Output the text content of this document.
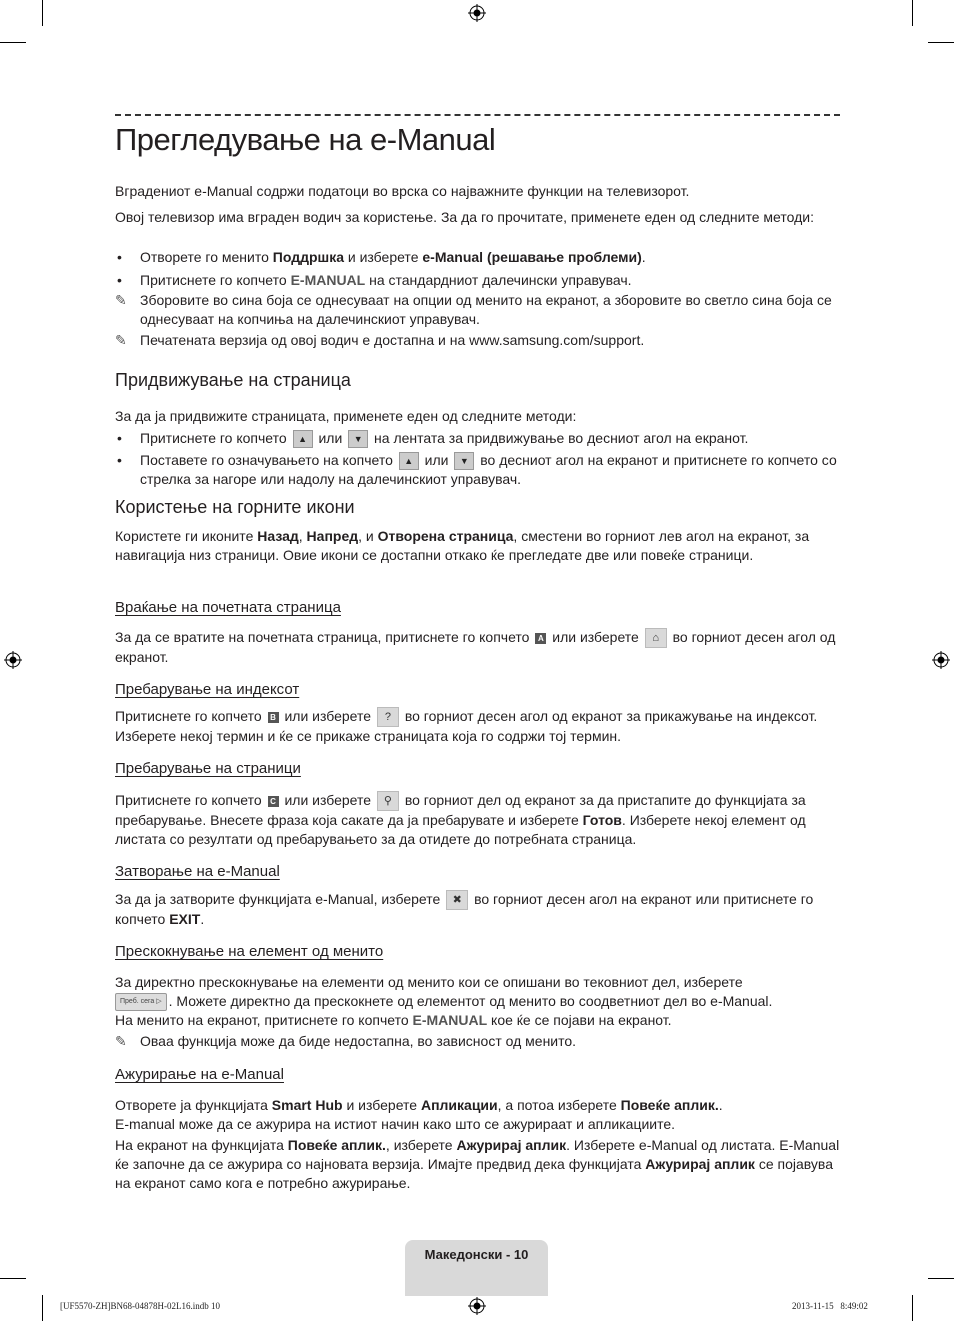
Прегледување на e-Manual
Вградениот e-Manual содржи податоци во врска со најважните функции на телевизорот.
Овој телевизор има вграден водич за користење. За да го прочитате, применете еден од следните методи:
• Отворете го менито Поддршка и изберете e-Manual (решавање проблеми).
• Притиснете го копчето E-MANUAL на стандардниот далечински управувач.
✎ Зборовите во сина боја се однесуваат на опции од менито на екранот, а зборовите во светло сина боја се однесуваат на копчиња на далечинскиот управувач.
✎ Печатената верзија од овој водич е достапна и на www.samsung.com/support.
Придвижување на страница
За да ја придвижите страницата, применете еден од следните методи:
• Притиснете го копчето ▲ или ▼ на лентата за придвижување во десниот агол на екранот.
• Поставете го означувањето на копчето ▲ или ▼ во десниот агол на екранот и притиснете го копчето со стрелка за нагоре или надолу на далечинскиот управувач.
Користење на горните икони
Користете ги иконите Назад, Напред, и Отворена страница, сместени во горниот лев агол на екранот, за навигација низ страници. Овие икони се достапни откако ќе прегледате две или повеќе страници.
Враќање на почетната страница
За да се вратите на почетната страница, притиснете го копчето A или изберете ⌂ во горниот десен агол од екранот.
Пребарување на индексот
Притиснете го копчето B или изберете ? во горниот десен агол од екранот за прикажување на индексот. Изберете некој термин и ќе се прикаже страницата која го содржи тој термин.
Пребарување на страници
Притиснете го копчето C или изберете ⚲ во горниот дел од екранот за да пристапите до функцијата за пребарување. Внесете фраза која сакате да ја пребарувате и изберете Готов. Изберете некој елемент од листата со резултати од пребарувањето за да отидете до потребната страница.
Затворање на e-Manual
За да ја затворите функцијата e-Manual, изберете ✖ во горниот десен агол на екранот или притиснете го копчето EXIT.
Прескокнување на елемент од менито
За директно прескокнување на елементи од менито кои се опишани во тековниот дел, изберете
Преб. сега ▷ . Можете директно да прескокнете од елементот од менито во соодветниот дел во e-Manual.
На менито на екранот, притиснете го копчето E-MANUAL кое ќе се појави на екранот.
✎ Оваа функција може да биде недостапна, во зависност од менито.
Ажурирање на e-Manual
Отворете ја функцијата Smart Hub и изберете Апликации, а потоа изберете Повеќе аплик..
E-manual може да се ажурира на истиот начин како што се ажурираат и апликациите.
На екранот на функцијата Повеќе аплик., изберете Ажурирај аплик. Изберете e-Manual од листата. E-Manual ќе започне да се ажурира со најновата верзија. Имајте предвид дека функцијата Ажурирај аплик се појавува на екранот само кога е потребно ажурирање.
Македонски - 10
[UF5570-ZH]BN68-04878H-02L16.indb 10	2013-11-15   8:49:02
